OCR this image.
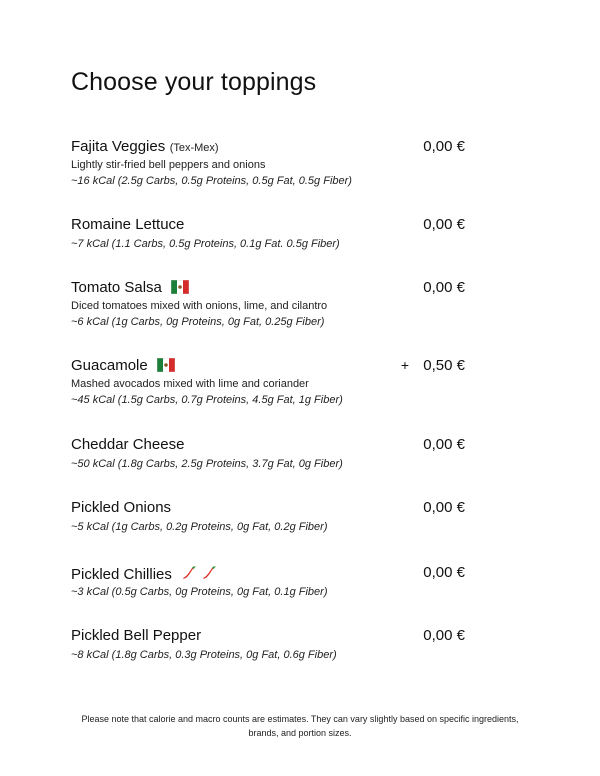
Choose your toppings
Fajita Veggies (Tex-Mex)	0,00 €
Lightly stir-fried bell peppers and onions
~16 kCal (2.5g Carbs, 0.5g Proteins, 0.5g Fat, 0.5g Fiber)
Romaine Lettuce	0,00 €
~7 kCal (1.1 Carbs, 0.5g Proteins, 0.1g Fat. 0.5g Fiber)
Tomato Salsa	0,00 €
Diced tomatoes mixed with onions, lime, and cilantro
~6 kCal (1g Carbs, 0g Proteins, 0g Fat, 0.25g Fiber)
Guacamole	+ 0,50 €
Mashed avocados mixed with lime and coriander
~45 kCal (1.5g Carbs, 0.7g Proteins, 4.5g Fat, 1g Fiber)
Cheddar Cheese	0,00 €
~50 kCal (1.8g Carbs, 2.5g Proteins, 3.7g Fat, 0g Fiber)
Pickled Onions	0,00 €
~5 kCal (1g Carbs, 0.2g Proteins, 0g Fat, 0.2g Fiber)
Pickled Chillies	0,00 €
~3 kCal (0.5g Carbs, 0g Proteins, 0g Fat, 0.1g Fiber)
Pickled Bell Pepper	0,00 €
~8 kCal (1.8g Carbs, 0.3g Proteins, 0g Fat, 0.6g Fiber)
Please note that calorie and macro counts are estimates. They can vary slightly based on specific ingredients, brands, and portion sizes.
